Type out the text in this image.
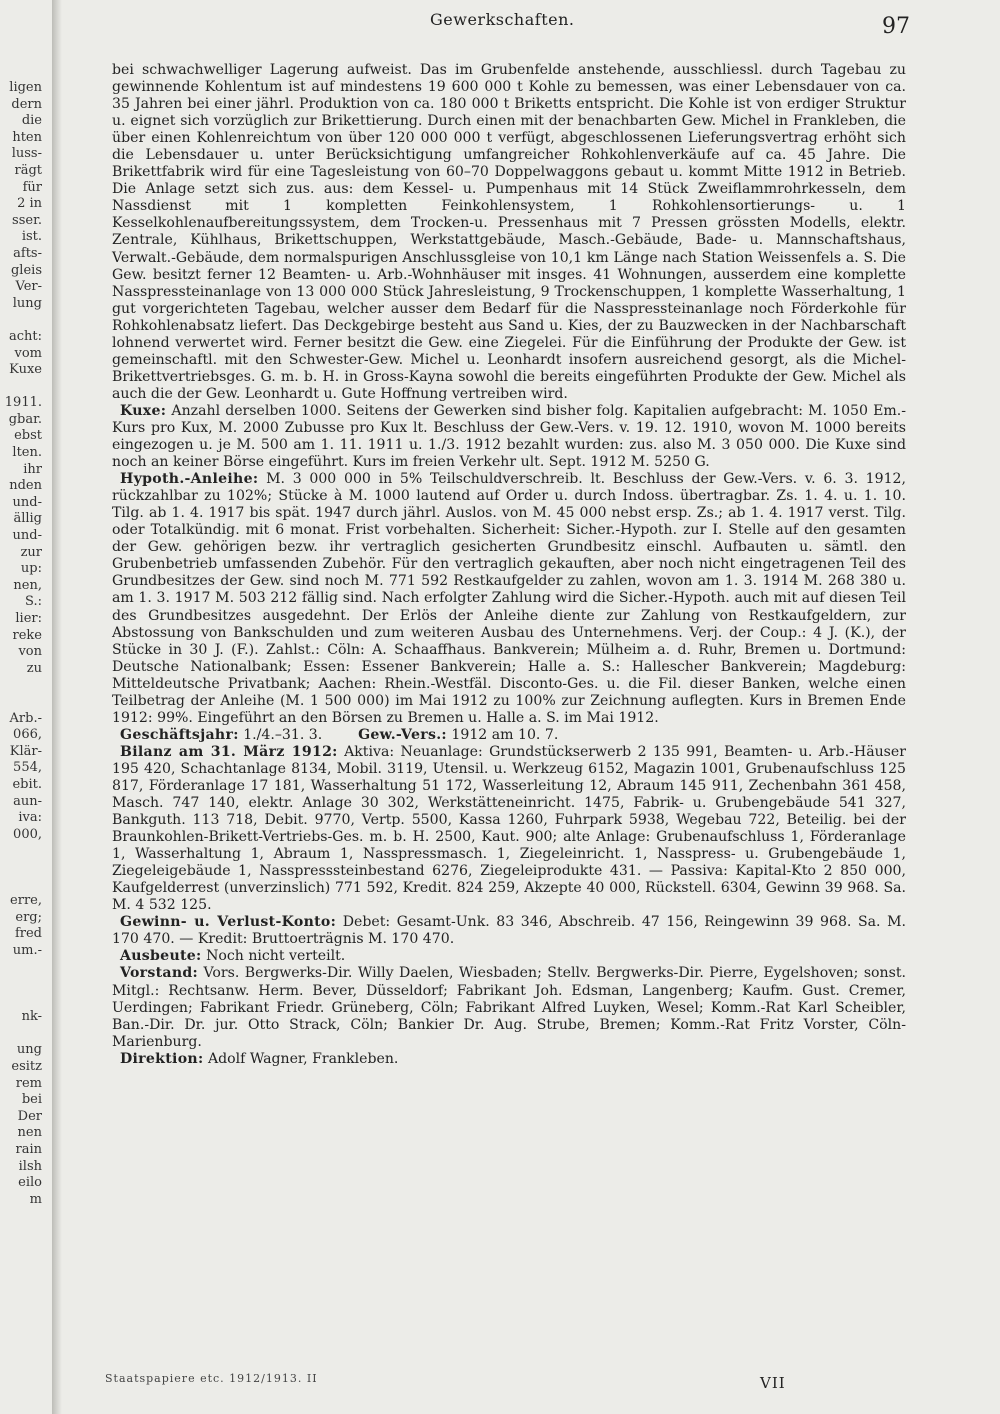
ligen
dern
die
hten
luss-
rägt
für
2 in
sser.
ist.
afts-
gleis
Ver-
lung
acht:
vom
Kuxe
1911.
gbar.
ebst
lten.
ihr
nden
und-
ällig
und-
zur
up:
nen,
S.:
lier:
reke
von
zu
Arb.-
066,
Klär-
554,
ebit.
aun-
iva:
000,
erre,
erg;
fred
um.-
nk-
ung
esitz
rem
bei
Der
nen
rain
ilsh
eilo
m
Gewerkschaften.	97

bei schwachwelliger Lagerung aufweist. Das im Grubenfelde anstehende, ausschliessl. durch Tagebau zu gewinnende Kohlentum ist auf mindestens 19 600 000 t Kohle zu bemessen, was einer Lebensdauer von ca. 35 Jahren bei einer jährl. Produktion von ca. 180 000 t Briketts entspricht. Die Kohle ist von erdiger Struktur u. eignet sich vorzüglich zur Brikettierung. Durch einen mit der benachbarten Gew. Michel in Frankleben, die über einen Kohlenreichtum von über 120 000 000 t verfügt, abgeschlossenen Lieferungsvertrag erhöht sich die Lebensdauer u. unter Berücksichtigung umfangreicher Rohkohlenverkäufe auf ca. 45 Jahre. Die Brikettfabrik wird für eine Tagesleistung von 60–70 Doppelwaggons gebaut u. kommt Mitte 1912 in Betrieb. Die Anlage setzt sich zus. aus: dem Kessel- u. Pumpenhaus mit 14 Stück Zweiflammrohrkesseln, dem Nassdienst mit 1 kompletten Feinkohlensystem, 1 Rohkohlensortierungs- u. 1 Kesselkohlenaufbereitungssystem, dem Trocken-u. Pressenhaus mit 7 Pressen grössten Modells, elektr. Zentrale, Kühlhaus, Brikettschuppen, Werkstattgebäude, Masch.-Gebäude, Bade- u. Mannschaftshaus, Verwalt.-Gebäude, dem normalspurigen Anschlussgleise von 10,1 km Länge nach Station Weissenfels a. S. Die Gew. besitzt ferner 12 Beamten- u. Arb.-Wohnhäuser mit insges. 41 Wohnungen, ausserdem eine komplette Nasspressteinanlage von 13 000 000 Stück Jahresleistung, 9 Trockenschuppen, 1 komplette Wasserhaltung, 1 gut vorgerichteten Tagebau, welcher ausser dem Bedarf für die Nasspressteinanlage noch Förderkohle für Rohkohlenabsatz liefert. Das Deckgebirge besteht aus Sand u. Kies, der zu Bauzwecken in der Nachbarschaft lohnend verwertet wird. Ferner besitzt die Gew. eine Ziegelei. Für die Einführung der Produkte der Gew. ist gemeinschaftl. mit den Schwester-Gew. Michel u. Leonhardt insofern ausreichend gesorgt, als die Michel-Brikettvertriebsges. G. m. b. H. in Gross-Kayna sowohl die bereits eingeführten Produkte der Gew. Michel als auch die der Gew. Leonhardt u. Gute Hoffnung vertreiben wird.

Kuxe: Anzahl derselben 1000. Seitens der Gewerken sind bisher folg. Kapitalien aufgebracht: M. 1050 Em.-Kurs pro Kux, M. 2000 Zubusse pro Kux lt. Beschluss der Gew.-Vers. v. 19. 12. 1910, wovon M. 1000 bereits eingezogen u. je M. 500 am 1. 11. 1911 u. 1./3. 1912 bezahlt wurden: zus. also M. 3 050 000. Die Kuxe sind noch an keiner Börse eingeführt. Kurs im freien Verkehr ult. Sept. 1912 M. 5250 G.

Hypoth.-Anleihe: M. 3 000 000 in 5% Teilschuldverschreib. lt. Beschluss der Gew.-Vers. v. 6. 3. 1912, rückzahlbar zu 102%; Stücke à M. 1000 lautend auf Order u. durch Indoss. übertragbar. Zs. 1. 4. u. 1. 10. Tilg. ab 1. 4. 1917 bis spät. 1947 durch jährl. Auslos. von M. 45 000 nebst ersp. Zs.; ab 1. 4. 1917 verst. Tilg. oder Totalkündig. mit 6 monat. Frist vorbehalten. Sicherheit: Sicher.-Hypoth. zur I. Stelle auf den gesamten der Gew. gehörigen bezw. ihr vertraglich gesicherten Grundbesitz einschl. Aufbauten u. sämtl. den Grubenbetrieb umfassenden Zubehör. Für den vertraglich gekauften, aber noch nicht eingetragenen Teil des Grundbesitzes der Gew. sind noch M. 771 592 Restkaufgelder zu zahlen, wovon am 1. 3. 1914 M. 268 380 u. am 1. 3. 1917 M. 503 212 fällig sind. Nach erfolgter Zahlung wird die Sicher.-Hypoth. auch mit auf diesen Teil des Grundbesitzes ausgedehnt. Der Erlös der Anleihe diente zur Zahlung von Restkaufgeldern, zur Abstossung von Bankschulden und zum weiteren Ausbau des Unternehmens. Verj. der Coup.: 4 J. (K.), der Stücke in 30 J. (F.). Zahlst.: Cöln: A. Schaaffhaus. Bankverein; Mülheim a. d. Ruhr, Bremen u. Dortmund: Deutsche Nationalbank; Essen: Essener Bankverein; Halle a. S.: Hallescher Bankverein; Magdeburg: Mitteldeutsche Privatbank; Aachen: Rhein.-Westfäl. Disconto-Ges. u. die Fil. dieser Banken, welche einen Teilbetrag der Anleihe (M. 1 500 000) im Mai 1912 zu 100% zur Zeichnung auflegten. Kurs in Bremen Ende 1912: 99%. Eingeführt an den Börsen zu Bremen u. Halle a. S. im Mai 1912.

Geschäftsjahr: 1./4.–31. 3.	Gew.-Vers.: 1912 am 10. 7.

Bilanz am 31. März 1912: Aktiva: Neuanlage: Grundstückserwerb 2 135 991, Beamten- u. Arb.-Häuser 195 420, Schachtanlage 8134, Mobil. 3119, Utensil. u. Werkzeug 6152, Magazin 1001, Grubenaufschluss 125 817, Förderanlage 17 181, Wasserhaltung 51 172, Wasserleitung 12, Abraum 145 911, Zechenbahn 361 458, Masch. 747 140, elektr. Anlage 30 302, Werkstätteneinricht. 1475, Fabrik- u. Grubengebäude 541 327, Bankguth. 113 718, Debit. 9770, Vertp. 5500, Kassa 1260, Fuhrpark 5938, Wegebau 722, Beteilig. bei der Braunkohlen-Brikett-Vertriebs-Ges. m. b. H. 2500, Kaut. 900; alte Anlage: Grubenaufschluss 1, Förderanlage 1, Wasserhaltung 1, Abraum 1, Nasspressmasch. 1, Ziegeleinricht. 1, Nasspress- u. Grubengebäude 1, Ziegeleigebäude 1, Nasspresssteinbestand 6276, Ziegeleiprodukte 431. — Passiva: Kapital-Kto 2 850 000, Kaufgelderrest (unverzinslich) 771 592, Kredit. 824 259, Akzepte 40 000, Rückstell. 6304, Gewinn 39 968. Sa. M. 4 532 125.

Gewinn- u. Verlust-Konto: Debet: Gesamt-Unk. 83 346, Abschreib. 47 156, Reingewinn 39 968. Sa. M. 170 470. — Kredit: Bruttoerträgnis M. 170 470.

Ausbeute: Noch nicht verteilt.

Vorstand: Vors. Bergwerks-Dir. Willy Daelen, Wiesbaden; Stellv. Bergwerks-Dir. Pierre, Eygelshoven; sonst. Mitgl.: Rechtsanw. Herm. Bever, Düsseldorf; Fabrikant Joh. Edsman, Langenberg; Kaufm. Gust. Cremer, Uerdingen; Fabrikant Friedr. Grüneberg, Cöln; Fabrikant Alfred Luyken, Wesel; Komm.-Rat Karl Scheibler, Ban.-Dir. Dr. jur. Otto Strack, Cöln; Bankier Dr. Aug. Strube, Bremen; Komm.-Rat Fritz Vorster, Cöln-Marienburg.

Direktion: Adolf Wagner, Frankleben.

Staatspapiere etc. 1912/1913. II	VII
